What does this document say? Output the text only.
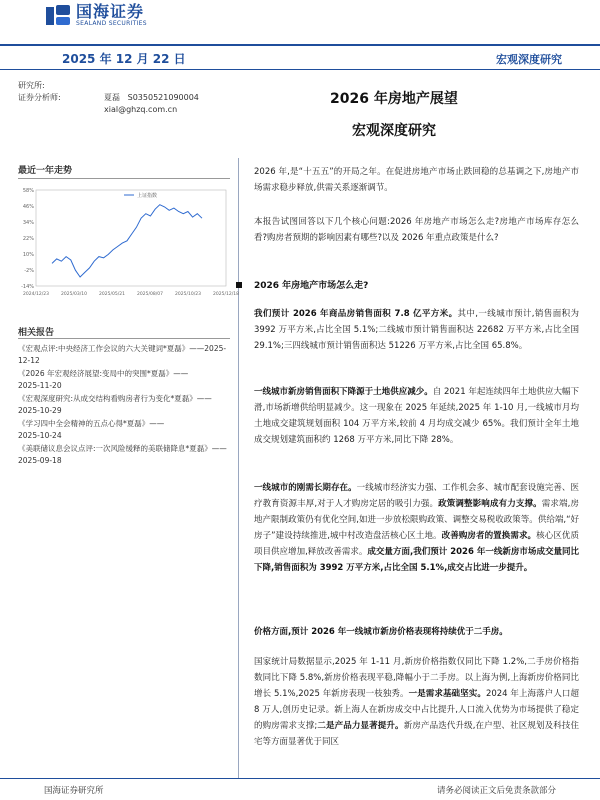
国海证券
SEALAND SECURITIES
2025 年 12 月 22 日	宏观深度研究
研究所:
证券分析师:	夏磊 S0350521090004
xial@ghzq.com.cn
2026 年房地产展望
宏观深度研究
最近一年走势
58%
46%
34%
22%
10%
-2%
-14%
2024/12/23	2025/03/10	2025/05/21	2025/08/07	2025/10/23	2025/12/18
上证指数
相关报告
《宏观点评:中央经济工作会议的六大关键词*夏磊》——2025-12-12
《2026 年宏观经济展望:变局中的突围*夏磊》——
2025-11-20
《宏观深度研究:从成交结构看购房者行为变化*夏磊》——2025-10-29
《学习四中全会精神的五点心得*夏磊》——
2025-10-24
《美联储议息会议点评:一次风险缓释的美联储降息*夏磊》——2025-09-18
2026 年,是“十五五”的开局之年。在促进房地产市场止跌回稳的总基调之下,房地产市场需求稳步释放,供需关系逐渐调节。
本报告试图回答以下几个核心问题:2026 年房地产市场怎么走?房地产市场库存怎么看?购房者预期的影响因素有哪些?以及 2026 年重点政策是什么?
2026 年房地产市场怎么走?
我们预计 2026 年商品房销售面积 7.8 亿平方米。其中,一线城市预计,销售面积为 3992 万平方米,占比全国 5.1%;二线城市预计销售面积达 22682 万平方米,占比全国 29.1%;三四线城市预计销售面积达 51226 万平方米,占比全国 65.8%。
一线城市新房销售面积下降源于土地供应减少。自 2021 年起连续四年土地供应大幅下滑,市场新增供给明显减少。这一现象在 2025 年延续,2025 年 1-10 月,一线城市月均土地成交建筑规划面积 104 万平方米,较前 4 月均成交减少 65%。我们预计全年土地成交规划建筑面积约 1268 万平方米,同比下降 28%。
一线城市的刚需长期存在。一线城市经济实力强、工作机会多、城市配套设施完善、医疗教育资源丰厚,对于人才购房定居的吸引力强。政策调整影响成有力支撑。需求端,房地产限制政策仍有优化空间,如进一步放松限购政策、调整交易税收政策等。供给端,“好房子”建设持续推进,城中村改造盘活核心区土地。改善购房者的置换需求。核心区优质项目供应增加,释放改善需求。成交量方面,我们预计 2026 年一线新房市场成交量同比下降,销售面积为 3992 万平方米,占比全国 5.1%,成交占比进一步提升。
价格方面,预计 2026 年一线城市新房价格表现将持续优于二手房。
国家统计局数据显示,2025 年 1-11 月,新房价格指数仅同比下降 1.2%,二手房价格指数同比下降 5.8%,新房价格表现平稳,降幅小于二手房。以上海为例,上海新房价格同比增长 5.1%,2025 年新房表现一枝独秀。一是需求基础坚实。2024 年上海落户人口超 8 万人,创历史记录。新上海人在新房成交中占比提升,人口流入优势为市场提供了稳定的购房需求支撑;二是产品力显著提升。新房产品迭代升级,在户型、社区规划及科技住宅等方面显著优于同区
国海证券研究所	请务必阅读正文后免责条款部分
